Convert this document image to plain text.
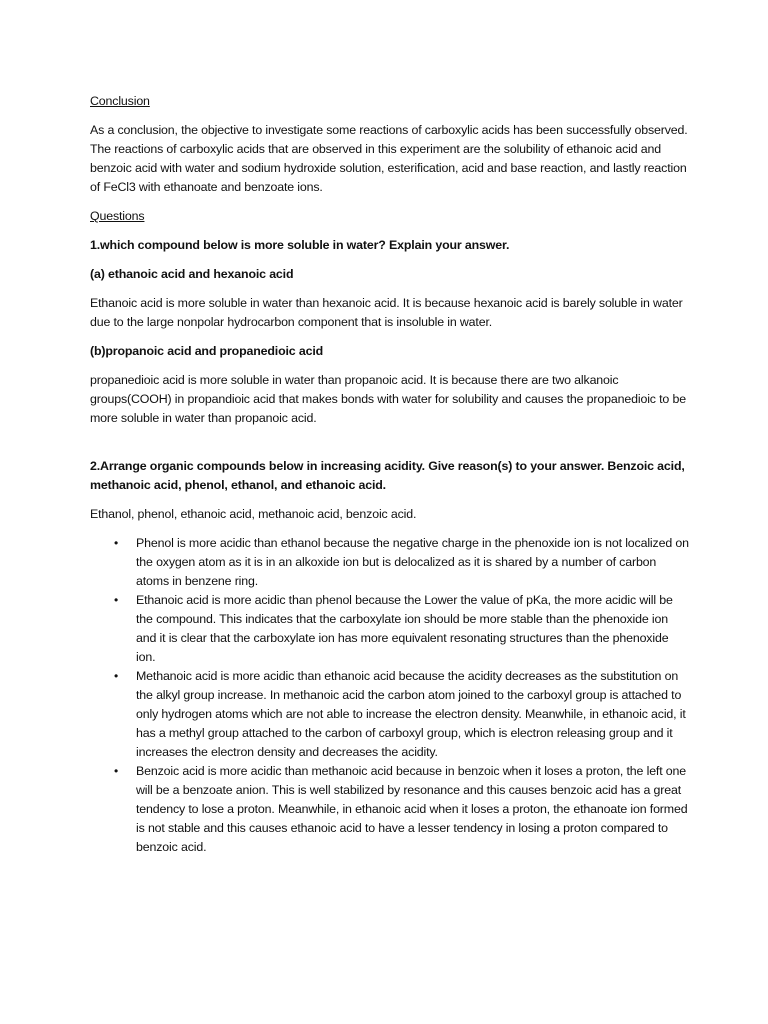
Conclusion

As a conclusion, the objective to investigate some reactions of carboxylic acids has been successfully observed. The reactions of carboxylic acids that are observed in this experiment are the solubility of ethanoic acid and benzoic acid with water and sodium hydroxide solution, esterification, acid and base reaction, and lastly reaction of FeCl3 with ethanoate and benzoate ions.

Questions

1.which compound below is more soluble in water? Explain your answer.

(a) ethanoic acid and hexanoic acid

Ethanoic acid is more soluble in water than hexanoic acid. It is because hexanoic acid is barely soluble in water due to the large nonpolar hydrocarbon component that is insoluble in water.

(b)propanoic acid and propanedioic acid

propanedioic acid is more soluble in water than propanoic acid. It is because there are two alkanoic groups(COOH) in propandioic acid that makes bonds with water for solubility and causes the propanedioic to be more soluble in water than propanoic acid.

2.Arrange organic compounds below in increasing acidity. Give reason(s) to your answer. Benzoic acid, methanoic acid, phenol, ethanol, and ethanoic acid.

Ethanol, phenol, ethanoic acid, methanoic acid, benzoic acid.

• Phenol is more acidic than ethanol because the negative charge in the phenoxide ion is not localized on the oxygen atom as it is in an alkoxide ion but is delocalized as it is shared by a number of carbon atoms in benzene ring.
• Ethanoic acid is more acidic than phenol because the Lower the value of pKa, the more acidic will be the compound. This indicates that the carboxylate ion should be more stable than the phenoxide ion and it is clear that the carboxylate ion has more equivalent resonating structures than the phenoxide ion.
• Methanoic acid is more acidic than ethanoic acid because the acidity decreases as the substitution on the alkyl group increase. In methanoic acid the carbon atom joined to the carboxyl group is attached to only hydrogen atoms which are not able to increase the electron density. Meanwhile, in ethanoic acid, it has a methyl group attached to the carbon of carboxyl group, which is electron releasing group and it increases the electron density and decreases the acidity.
• Benzoic acid is more acidic than methanoic acid because in benzoic when it loses a proton, the left one will be a benzoate anion. This is well stabilized by resonance and this causes benzoic acid has a great tendency to lose a proton. Meanwhile, in ethanoic acid when it loses a proton, the ethanoate ion formed is not stable and this causes ethanoic acid to have a lesser tendency in losing a proton compared to benzoic acid.
